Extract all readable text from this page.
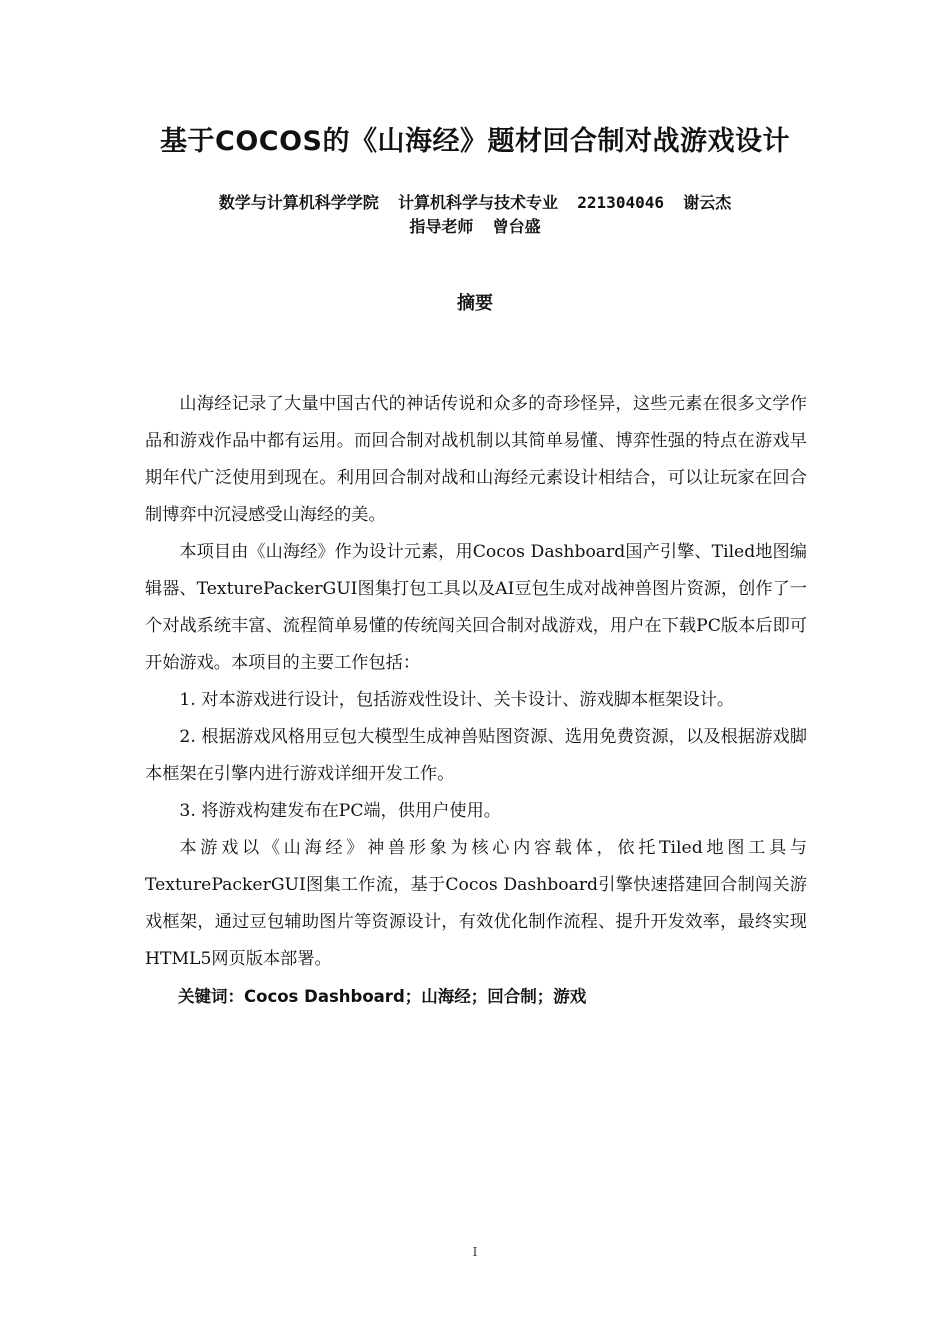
基于COCOS的《山海经》题材回合制对战游戏设计
数学与计算机科学学院  计算机科学与技术专业  221304046  谢云杰
指导老师  曾台盛
摘要

山海经记录了大量中国古代的神话传说和众多的奇珍怪异，这些元素在很多文学作品和游戏作品中都有运用。而回合制对战机制以其简单易懂、博弈性强的特点在游戏早期年代广泛使用到现在。利用回合制对战和山海经元素设计相结合，可以让玩家在回合制博弈中沉浸感受山海经的美。

本项目由《山海经》作为设计元素，用Cocos Dashboard国产引擎、Tiled地图编辑器、TexturePackerGUI图集打包工具以及AI豆包生成对战神兽图片资源，创作了一个对战系统丰富、流程简单易懂的传统闯关回合制对战游戏，用户在下载PC版本后即可开始游戏。本项目的主要工作包括：

1. 对本游戏进行设计，包括游戏性设计、关卡设计、游戏脚本框架设计。

2. 根据游戏风格用豆包大模型生成神兽贴图资源、选用免费资源，以及根据游戏脚本框架在引擎内进行游戏详细开发工作。

3. 将游戏构建发布在PC端，供用户使用。

本游戏以《山海经》神兽形象为核心内容载体，依托Tiled地图工具与TexturePackerGUI图集工作流，基于Cocos Dashboard引擎快速搭建回合制闯关游戏框架，通过豆包辅助图片等资源设计，有效优化制作流程、提升开发效率，最终实现HTML5网页版本部署。

关键词：Cocos Dashboard；山海经；回合制；游戏

I
